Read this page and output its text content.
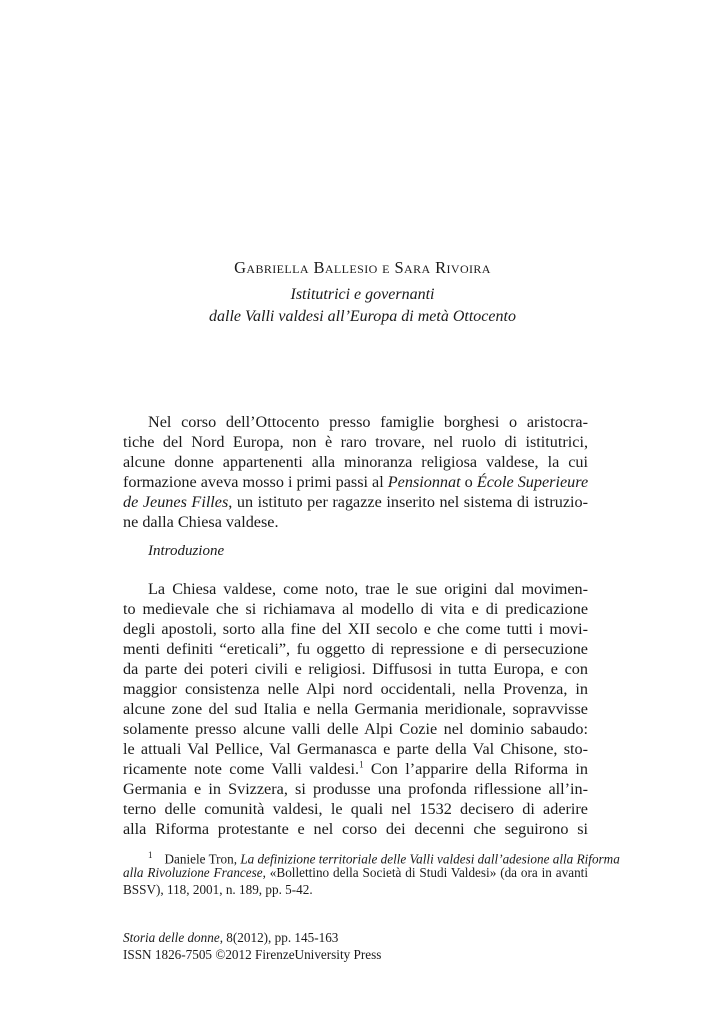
Gabriella Ballesio e Sara Rivoira
Istitutrici e governanti
dalle Valli valdesi all’Europa di metà Ottocento
Nel corso dell’Ottocento presso famiglie borghesi o aristocra-
tiche del Nord Europa, non è raro trovare, nel ruolo di istitutrici,
alcune donne appartenenti alla minoranza religiosa valdese, la cui
formazione aveva mosso i primi passi al Pensionnat o École Superieure
de Jeunes Filles, un istituto per ragazze inserito nel sistema di istruzio-
ne dalla Chiesa valdese.
Introduzione
La Chiesa valdese, come noto, trae le sue origini dal movimen-
to medievale che si richiamava al modello di vita e di predicazione
degli apostoli, sorto alla fine del XII secolo e che come tutti i movi-
menti definiti “ereticali”, fu oggetto di repressione e di persecuzione
da parte dei poteri civili e religiosi. Diffusosi in tutta Europa, e con
maggior consistenza nelle Alpi nord occidentali, nella Provenza, in
alcune zone del sud Italia e nella Germania meridionale, sopravvisse
solamente presso alcune valli delle Alpi Cozie nel dominio sabaudo:
le attuali Val Pellice, Val Germanasca e parte della Val Chisone, sto-
ricamente note come Valli valdesi.$^1$ Con l’apparire della Riforma in
Germania e in Svizzera, si produsse una profonda riflessione all’in-
terno delle comunità valdesi, le quali nel 1532 decisero di aderire
alla Riforma protestante e nel corso dei decenni che seguirono si
$^1$ Daniele Tron, La definizione territoriale delle Valli valdesi dall’adesione alla Riforma
alla Rivoluzione Francese, «Bollettino della Società di Studi Valdesi» (da ora in avanti
BSSV), 118, 2001, n. 189, pp. 5-42.
Storia delle donne, 8(2012), pp. 145-163
ISSN 1826-7505 ©2012 FirenzeUniversity Press
